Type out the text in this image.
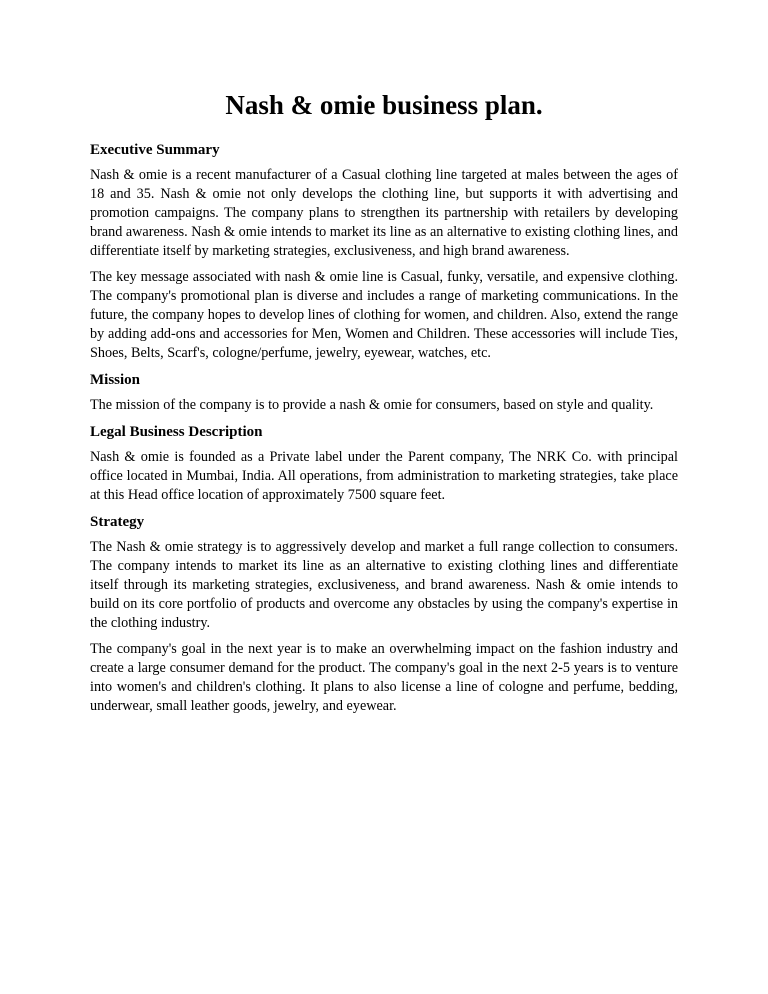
Nash & omie business plan.
Executive Summary

Nash & omie is a recent manufacturer of a Casual clothing line targeted at males between the ages of 18 and 35. Nash & omie not only develops the clothing line, but supports it with advertising and promotion campaigns. The company plans to strengthen its partnership with retailers by developing brand awareness. Nash & omie intends to market its line as an alternative to existing clothing lines, and differentiate itself by marketing strategies, exclusiveness, and high brand awareness.

The key message associated with nash & omie line is Casual, funky, versatile, and expensive clothing. The company's promotional plan is diverse and includes a range of marketing communications. In the future, the company hopes to develop lines of clothing for women, and children. Also, extend the range by adding add-ons and accessories for Men, Women and Children. These accessories will include Ties, Shoes, Belts, Scarf's, cologne/perfume, jewelry, eyewear, watches, etc.

Mission

The mission of the company is to provide a nash & omie for consumers, based on style and quality.

Legal Business Description

Nash & omie is founded as a Private label under the Parent company, The NRK Co. with principal office located in Mumbai, India. All operations, from administration to marketing strategies, take place at this Head office location of approximately 7500 square feet.

Strategy

The Nash & omie strategy is to aggressively develop and market a full range collection to consumers. The company intends to market its line as an alternative to existing clothing lines and differentiate itself through its marketing strategies, exclusiveness, and brand awareness. Nash & omie intends to build on its core portfolio of products and overcome any obstacles by using the company's expertise in the clothing industry.

The company's goal in the next year is to make an overwhelming impact on the fashion industry and create a large consumer demand for the product. The company's goal in the next 2-5 years is to venture into women's and children's clothing. It plans to also license a line of cologne and perfume, bedding, underwear, small leather goods, jewelry, and eyewear.
